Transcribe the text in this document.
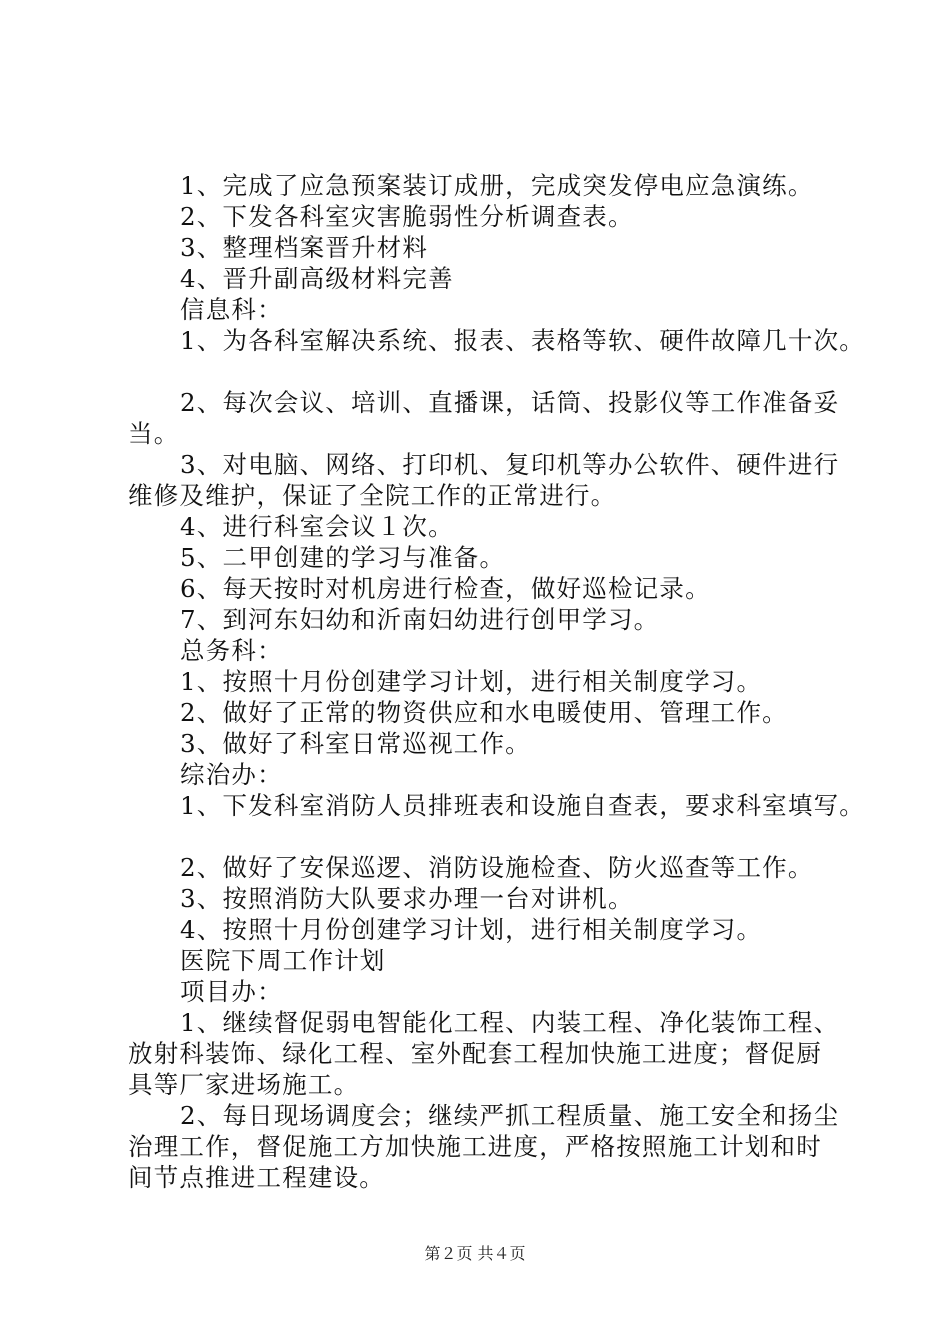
1、完成了应急预案装订成册，完成突发停电应急演练。

2、下发各科室灾害脆弱性分析调查表。

3、整理档案晋升材料

4、晋升副高级材料完善

信息科：

1、为各科室解决系统、报表、表格等软、硬件故障几十次。

2、每次会议、培训、直播课，话筒、投影仪等工作准备妥

当。

3、对电脑、网络、打印机、复印机等办公软件、硬件进行

维修及维护，保证了全院工作的正常进行。

4、进行科室会议１次。

5、二甲创建的学习与准备。

6、每天按时对机房进行检查，做好巡检记录。

7、到河东妇幼和沂南妇幼进行创甲学习。

总务科：

1、按照十月份创建学习计划，进行相关制度学习。

2、做好了正常的物资供应和水电暖使用、管理工作。

3、做好了科室日常巡视工作。

综治办：

1、下发科室消防人员排班表和设施自查表，要求科室填写。

2、做好了安保巡逻、消防设施检查、防火巡查等工作。

3、按照消防大队要求办理一台对讲机。

4、按照十月份创建学习计划，进行相关制度学习。

医院下周工作计划

项目办：

1、继续督促弱电智能化工程、内装工程、净化装饰工程、

放射科装饰、绿化工程、室外配套工程加快施工进度；督促厨

具等厂家进场施工。

2、每日现场调度会；继续严抓工程质量、施工安全和扬尘

治理工作，督促施工方加快施工进度，严格按照施工计划和时

间节点推进工程建设。

第２页 共４页
